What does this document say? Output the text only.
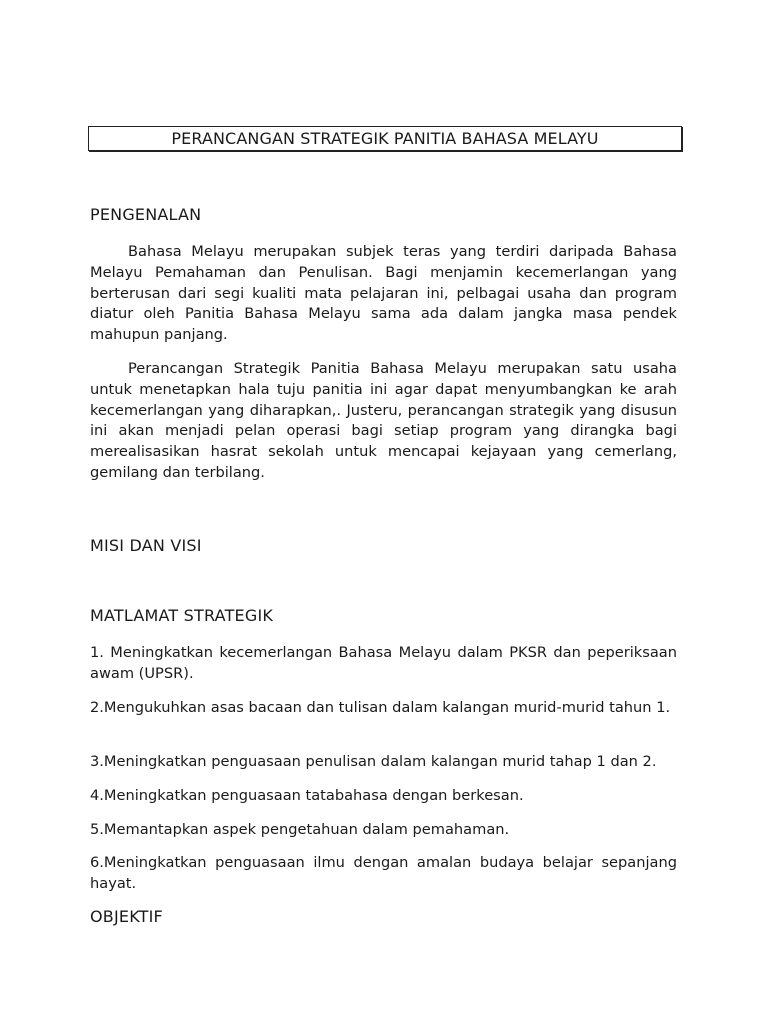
PERANCANGAN STRATEGIK PANITIA BAHASA MELAYU
PENGENALAN
Bahasa Melayu merupakan subjek teras yang terdiri daripada Bahasa Melayu Pemahaman dan Penulisan. Bagi menjamin kecemerlangan yang berterusan dari segi kualiti mata pelajaran ini, pelbagai usaha dan program diatur oleh Panitia Bahasa Melayu sama ada dalam jangka masa pendek mahupun panjang.
Perancangan Strategik Panitia Bahasa Melayu merupakan satu usaha untuk menetapkan hala tuju panitia ini agar dapat menyumbangkan ke arah kecemerlangan yang diharapkan,. Justeru, perancangan strategik yang disusun ini akan menjadi pelan operasi bagi setiap program yang dirangka bagi merealisasikan hasrat sekolah untuk mencapai kejayaan yang cemerlang, gemilang dan terbilang.
MISI DAN VISI
MATLAMAT STRATEGIK
1. Meningkatkan kecemerlangan Bahasa Melayu dalam PKSR dan peperiksaan awam (UPSR).
2.Mengukuhkan asas bacaan dan tulisan dalam kalangan murid-murid tahun 1.
3.Meningkatkan penguasaan penulisan dalam kalangan murid tahap 1 dan 2.
4.Meningkatkan penguasaan tatabahasa dengan berkesan.
5.Memantapkan aspek pengetahuan dalam pemahaman.
6.Meningkatkan penguasaan ilmu dengan amalan budaya belajar sepanjang hayat.
OBJEKTIF
